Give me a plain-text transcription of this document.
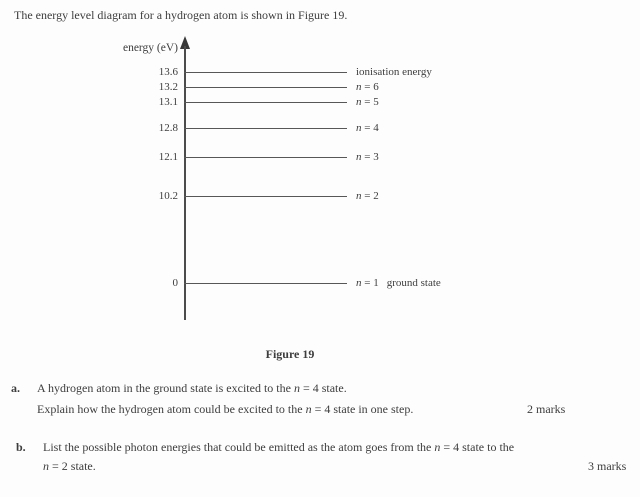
The energy level diagram for a hydrogen atom is shown in Figure 19.
energy (eV)
13.6	ionisation energy
13.2	n = 6
13.1	n = 5
12.8	n = 4
12.1	n = 3
10.2	n = 2
0	n = 1 ground state
Figure 19
a. A hydrogen atom in the ground state is excited to the n = 4 state.
Explain how the hydrogen atom could be excited to the n = 4 state in one step.	2 marks
b. List the possible photon energies that could be emitted as the atom goes from the n = 4 state to the
n = 2 state.	3 marks
